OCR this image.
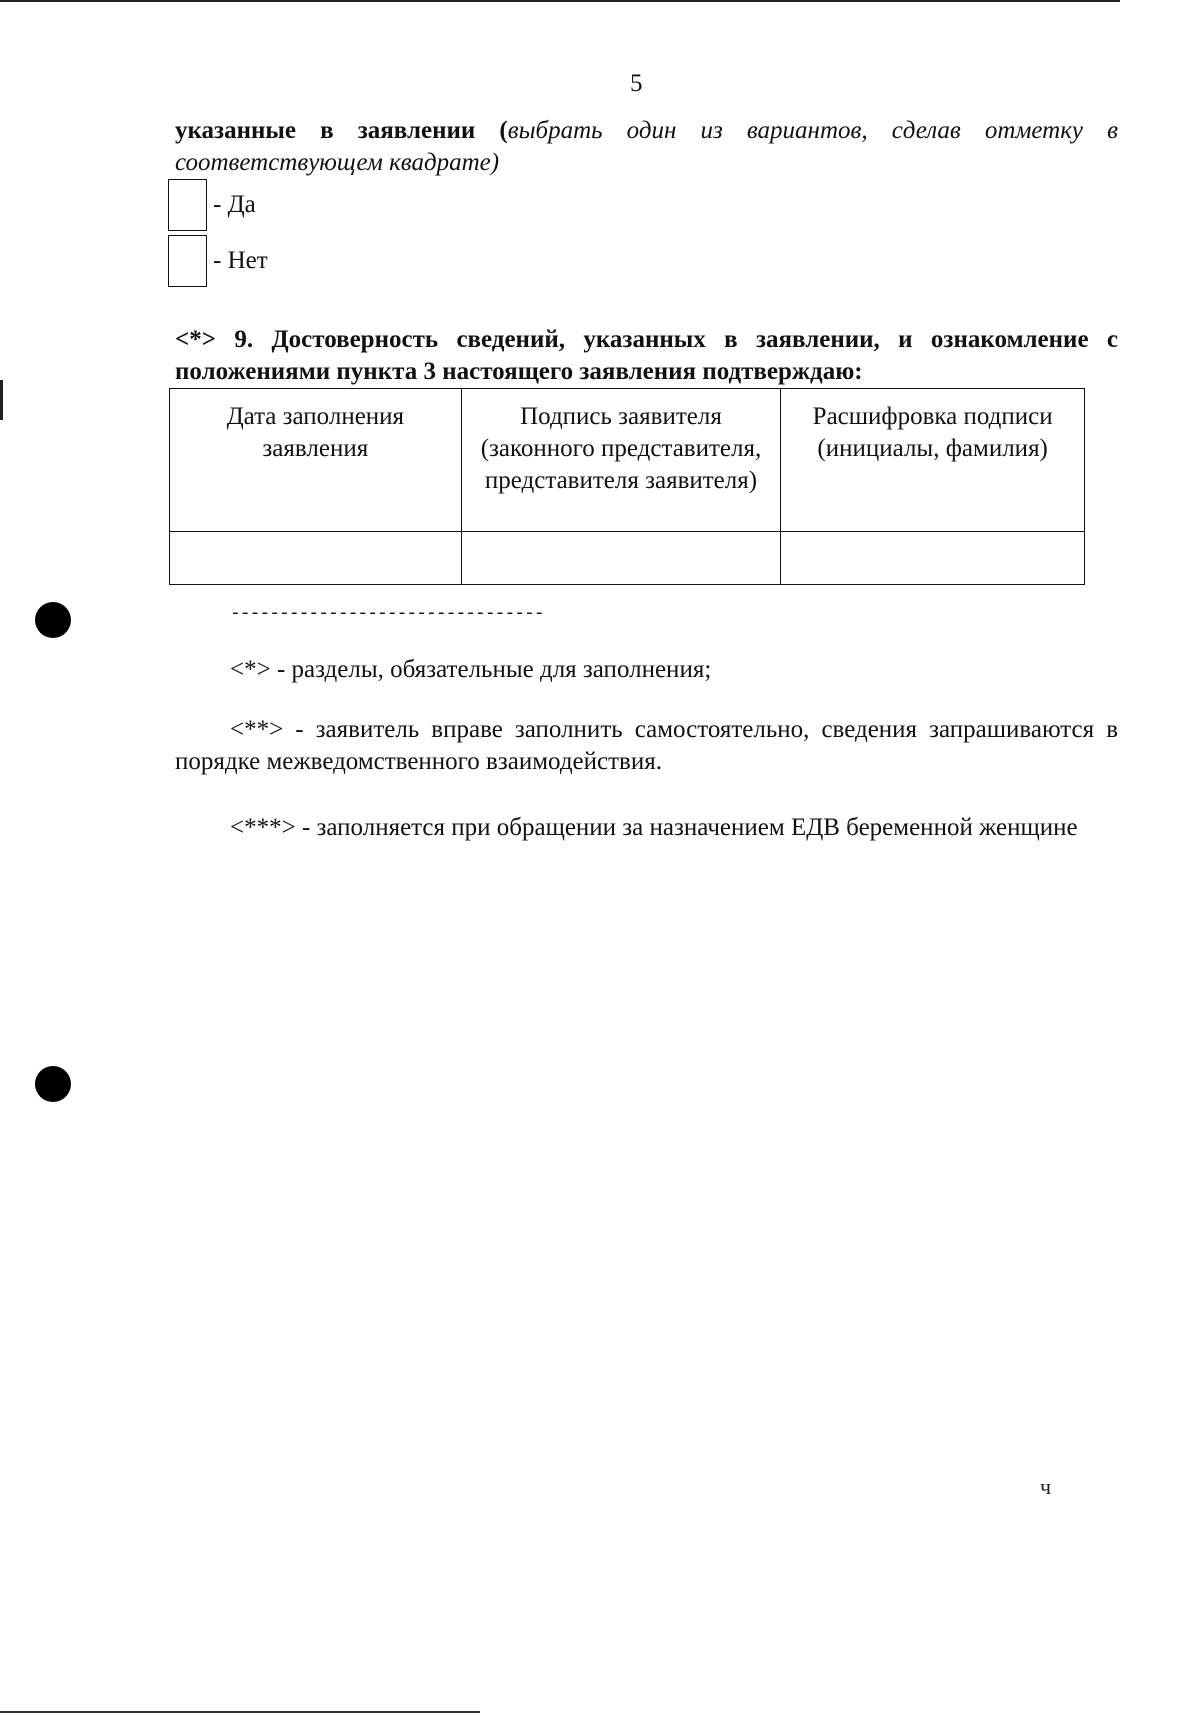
5
указанные в заявлении (выбрать один из вариантов, сделав отметку в соответствующем квадрате)
- Да
- Нет
<*> 9. Достоверность сведений, указанных в заявлении, и ознакомление с положениями пункта 3 настоящего заявления подтверждаю:
Дата заполнения заявления	Подпись заявителя (законного представителя, представителя заявителя)	Расшифровка подписи (инициалы, фамилия)

--------------------------------
<*> - разделы, обязательные для заполнения;
<**> - заявитель вправе заполнить самостоятельно, сведения запрашиваются в порядке межведомственного взаимодействия.
<***> - заполняется при обращении за назначением ЕДВ беременной женщине
ч
